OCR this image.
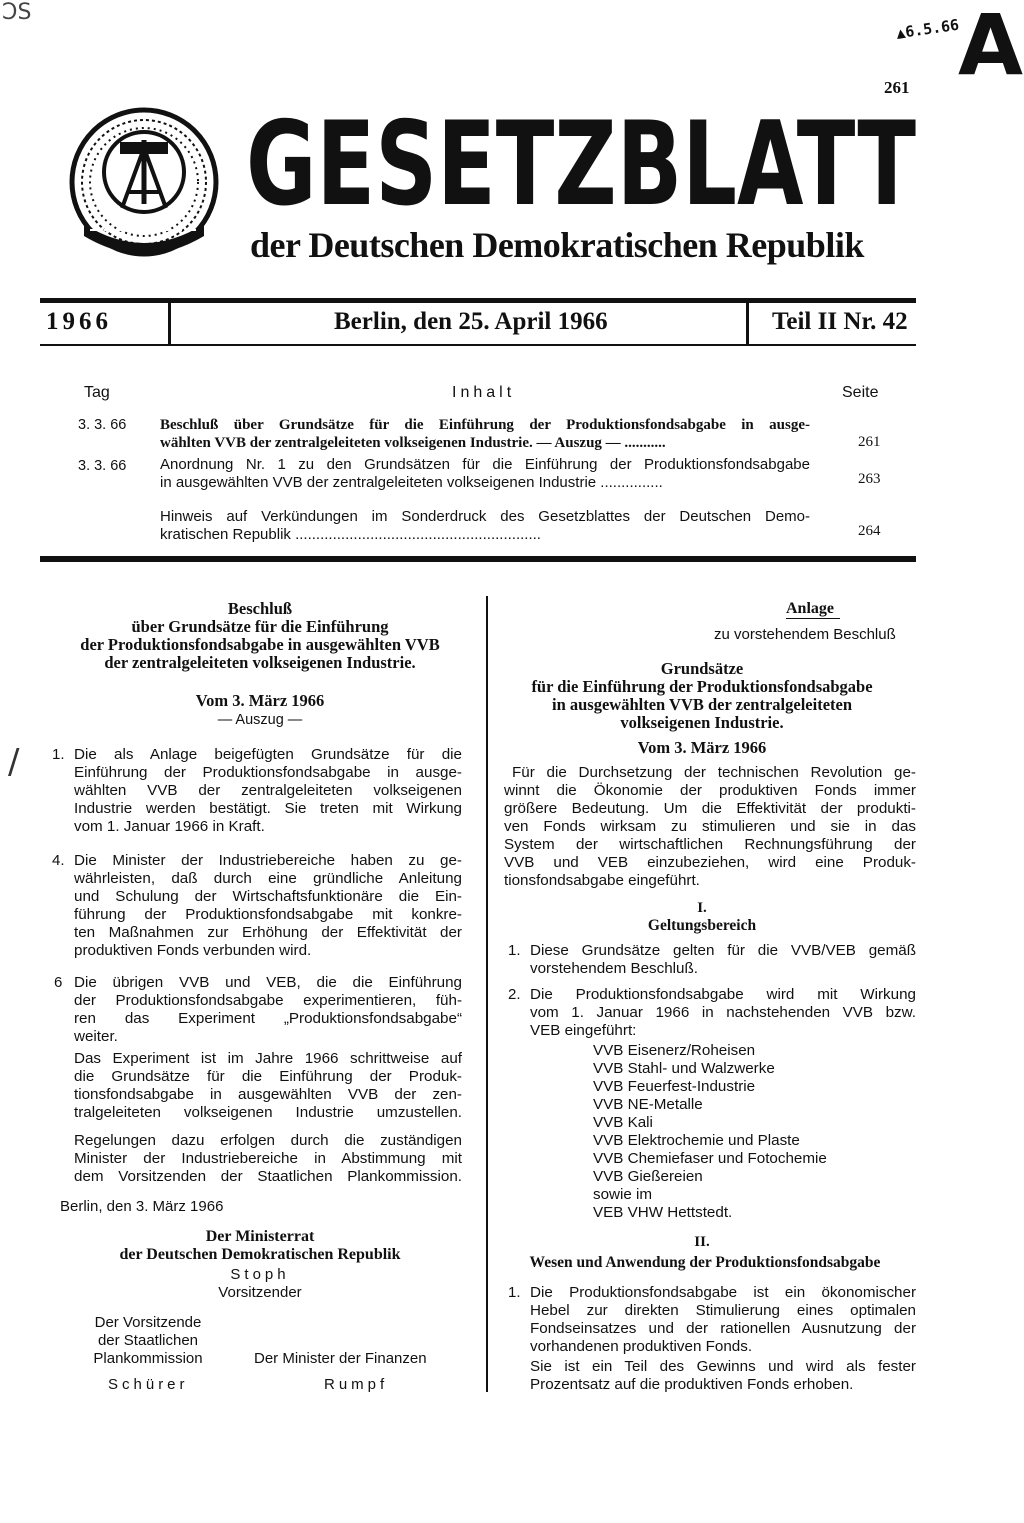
ƆS
▲6.5.66
A
/
261
GESETZBLATT
der Deutschen Demokratischen Republik
1966	Berlin, den 25. April 1966	Teil II Nr. 42
Tag	Inhalt	Seite
3. 3. 66 Beschluß über Grundsätze für die Einführung der Produktionsfondsabgabe in ausge-
wählten VVB der zentralgeleiteten volkseigenen Industrie. — Auszug — ...........	261
3. 3. 66 Anordnung Nr. 1 zu den Grundsätzen für die Einführung der Produktionsfondsabgabe
in ausgewählten VVB der zentralgeleiteten volkseigenen Industrie ...............	263
Hinweis auf Verkündungen im Sonderdruck des Gesetzblattes der Deutschen Demo-
kratischen Republik ...........................................................	264
Beschluß
über Grundsätze für die Einführung
der Produktionsfondsabgabe in ausgewählten VVB
der zentralgeleiteten volkseigenen Industrie.
Vom 3. März 1966
— Auszug —
1. Die als Anlage beigefügten Grundsätze für die
Einführung der Produktionsfondsabgabe in ausge-
wählten VVB der zentralgeleiteten volkseigenen
Industrie werden bestätigt. Sie treten mit Wirkung
vom 1. Januar 1966 in Kraft.
4. Die Minister der Industriebereiche haben zu ge-
währleisten, daß durch eine gründliche Anleitung
und Schulung der Wirtschaftsfunktionäre die Ein-
führung der Produktionsfondsabgabe mit konkre-
ten Maßnahmen zur Erhöhung der Effektivität der
produktiven Fonds verbunden wird.
6 Die übrigen VVB und VEB, die die Einführung
der Produktionsfondsabgabe experimentieren, füh-
ren das Experiment „Produktionsfondsabgabe“
weiter.
Das Experiment ist im Jahre 1966 schrittweise auf
die Grundsätze für die Einführung der Produk-
tionsfondsabgabe in ausgewählten VVB der zen-
tralgeleiteten volkseigenen Industrie umzustellen.
Regelungen dazu erfolgen durch die zuständigen
Minister der Industriebereiche in Abstimmung mit
dem Vorsitzenden der Staatlichen Plankommission.
Berlin, den 3. März 1966
Der Ministerrat
der Deutschen Demokratischen Republik
Stoph
Vorsitzender
Der Vorsitzende
der Staatlichen
Plankommission	Der Minister der Finanzen
Schürer	Rumpf
Anlage
zu vorstehendem Beschluß
Grundsätze
für die Einführung der Produktionsfondsabgabe
in ausgewählten VVB der zentralgeleiteten
volkseigenen Industrie.
Vom 3. März 1966
Für die Durchsetzung der technischen Revolution ge-
winnt die Ökonomie der produktiven Fonds immer
größere Bedeutung. Um die Effektivität der produkti-
ven Fonds wirksam zu stimulieren und sie in das
System der wirtschaftlichen Rechnungsführung der
VVB und VEB einzubeziehen, wird eine Produk-
tionsfondsabgabe eingeführt.
I.
Geltungsbereich
1. Diese Grundsätze gelten für die VVB/VEB gemäß
vorstehendem Beschluß.
2. Die Produktionsfondsabgabe wird mit Wirkung
vom 1. Januar 1966 in nachstehenden VVB bzw.
VEB eingeführt:
VVB Eisenerz/Roheisen
VVB Stahl- und Walzwerke
VVB Feuerfest-Industrie
VVB NE-Metalle
VVB Kali
VVB Elektrochemie und Plaste
VVB Chemiefaser und Fotochemie
VVB Gießereien
sowie im
VEB VHW Hettstedt.
II.
Wesen und Anwendung der Produktionsfondsabgabe
1. Die Produktionsfondsabgabe ist ein ökonomischer
Hebel zur direkten Stimulierung eines optimalen
Fondseinsatzes und der rationellen Ausnutzung der
vorhandenen produktiven Fonds.
Sie ist ein Teil des Gewinns und wird als fester
Prozentsatz auf die produktiven Fonds erhoben.
